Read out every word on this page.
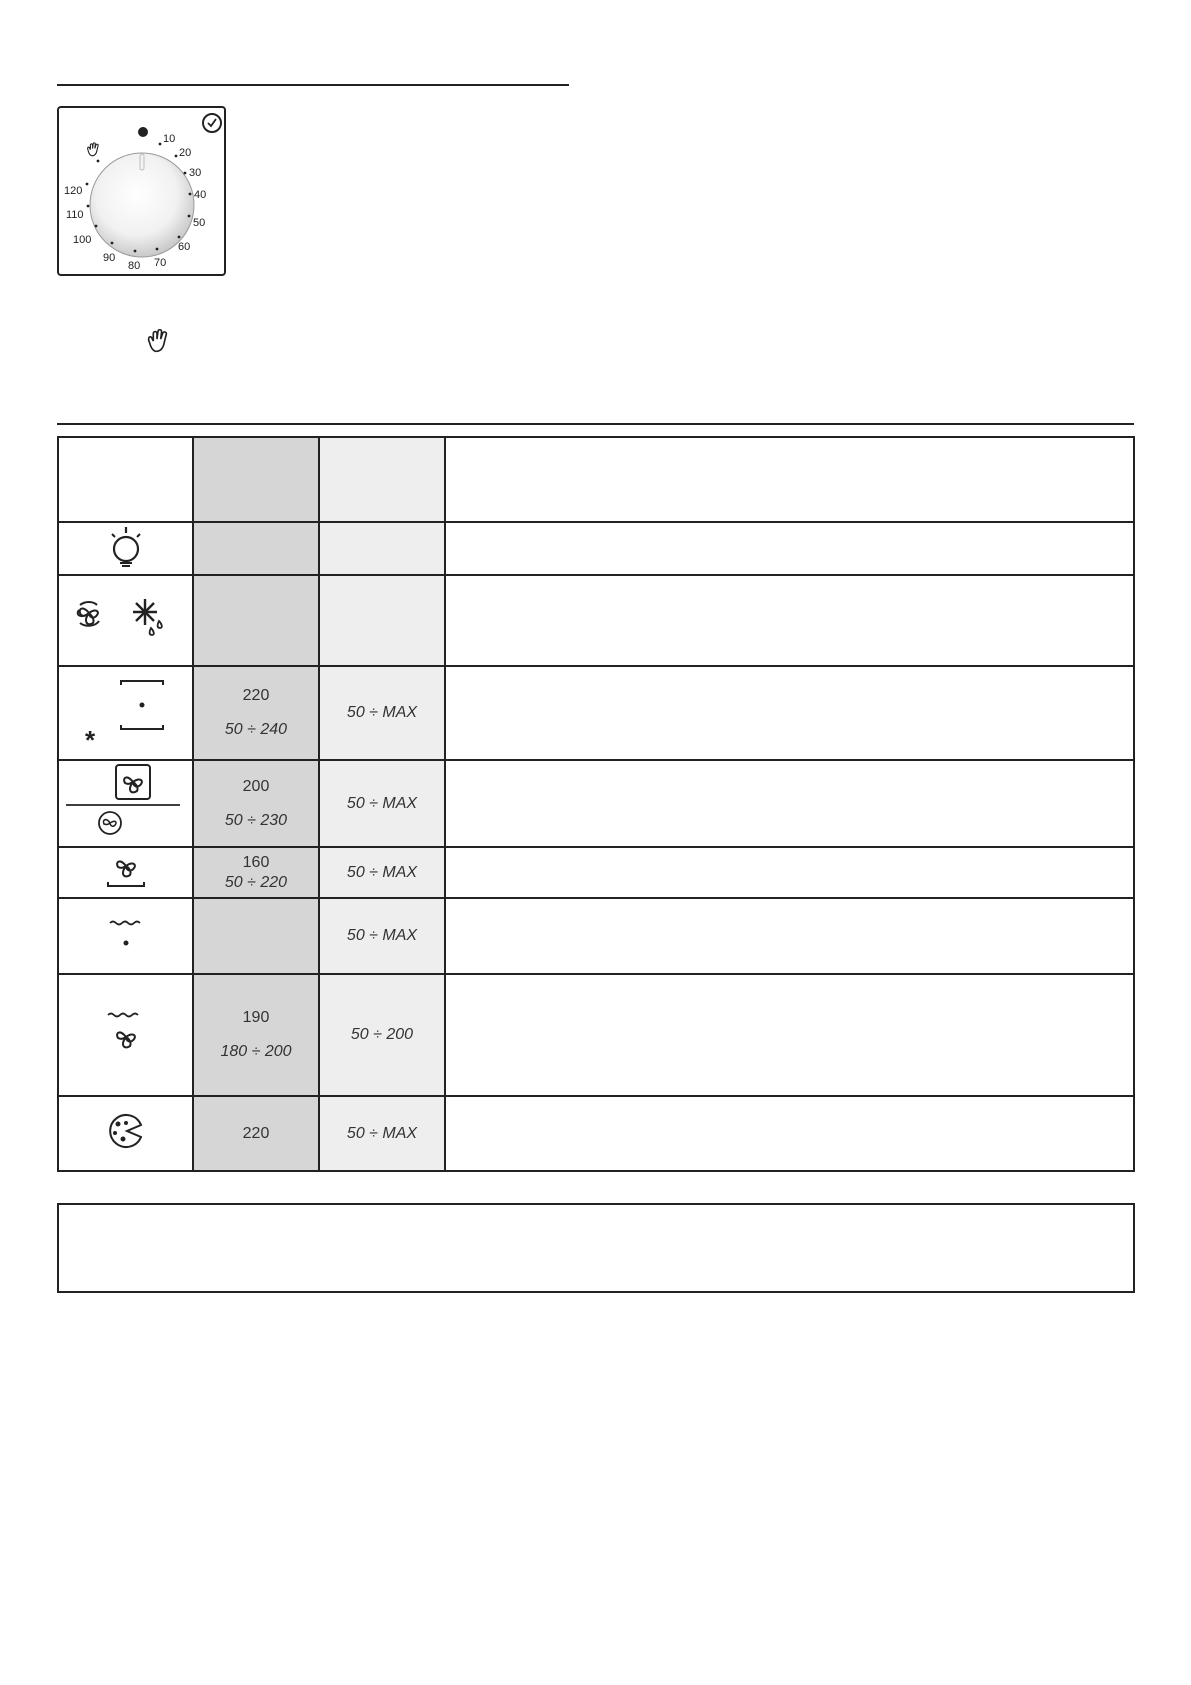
10
20
30
40
50
60
70
80
90
100
110
120

*	220
50 ÷ 240	50 ÷ MAX	

200
50 ÷ 230	50 ÷ MAX	

160
50 ÷ 220	50 ÷ MAX	
		50 ÷ MAX	

190
180 ÷ 200	50 ÷ 200	

220	50 ÷ MAX	
